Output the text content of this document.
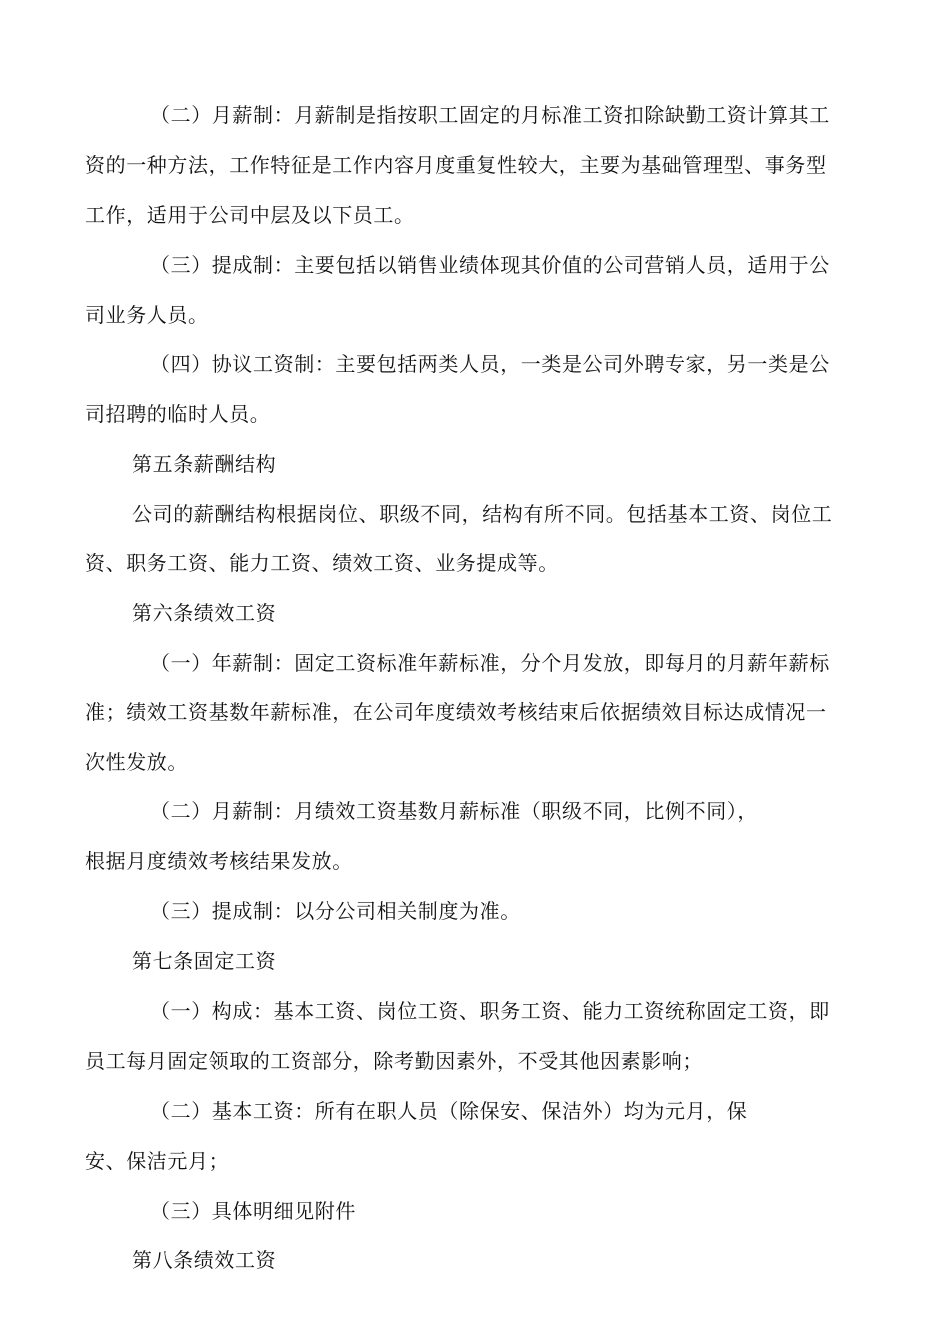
（二）月薪制：月薪制是指按职工固定的月标准工资扣除缺勤工资计算其工
资的一种方法，工作特征是工作内容月度重复性较大，主要为基础管理型、事务型
工作，适用于公司中层及以下员工。
（三）提成制：主要包括以销售业绩体现其价值的公司营销人员，适用于公
司业务人员。
（四）协议工资制：主要包括两类人员，一类是公司外聘专家，另一类是公
司招聘的临时人员。
第五条薪酬结构
公司的薪酬结构根据岗位、职级不同，结构有所不同。包括基本工资、岗位工
资、职务工资、能力工资、绩效工资、业务提成等。
第六条绩效工资
（一）年薪制：固定工资标准年薪标准，分个月发放，即每月的月薪年薪标
准；绩效工资基数年薪标准，在公司年度绩效考核结束后依据绩效目标达成情况一
次性发放。
（二）月薪制：月绩效工资基数月薪标准（职级不同，比例不同），
根据月度绩效考核结果发放。
（三）提成制：以分公司相关制度为准。
第七条固定工资
（一）构成：基本工资、岗位工资、职务工资、能力工资统称固定工资，即
员工每月固定领取的工资部分，除考勤因素外，不受其他因素影响；
（二）基本工资：所有在职人员（除保安、保洁外）均为元月，保
安、保洁元月；
（三）具体明细见附件
第八条绩效工资
